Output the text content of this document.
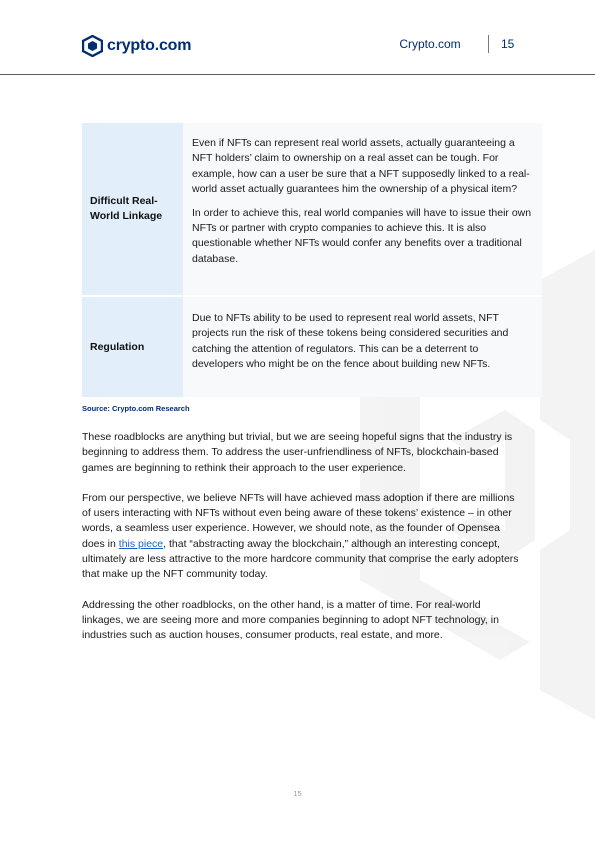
crypto.com	Crypto.com	15
Difficult Real-World Linkage

Even if NFTs can represent real world assets, actually guaranteeing a NFT holders’ claim to ownership on a real asset can be tough. For example, how can a user be sure that a NFT supposedly linked to a real-world asset actually guarantees him the ownership of a physical item?

In order to achieve this, real world companies will have to issue their own NFTs or partner with crypto companies to achieve this. It is also questionable whether NFTs would confer any benefits over a traditional database.

Regulation

Due to NFTs ability to be used to represent real world assets, NFT projects run the risk of these tokens being considered securities and catching the attention of regulators. This can be a deterrent to developers who might be on the fence about building new NFTs.

Source: Crypto.com Research

These roadblocks are anything but trivial, but we are seeing hopeful signs that the industry is beginning to address them. To address the user-unfriendliness of NFTs, blockchain-based games are beginning to rethink their approach to the user experience.

From our perspective, we believe NFTs will have achieved mass adoption if there are millions of users interacting with NFTs without even being aware of these tokens’ existence – in other words, a seamless user experience. However, we should note, as the founder of Opensea does in this piece, that “abstracting away the blockchain,” although an interesting concept, ultimately are less attractive to the more hardcore community that comprise the early adopters that make up the NFT community today.

Addressing the other roadblocks, on the other hand, is a matter of time. For real-world linkages, we are seeing more and more companies beginning to adopt NFT technology, in industries such as auction houses, consumer products, real estate, and more.

15
